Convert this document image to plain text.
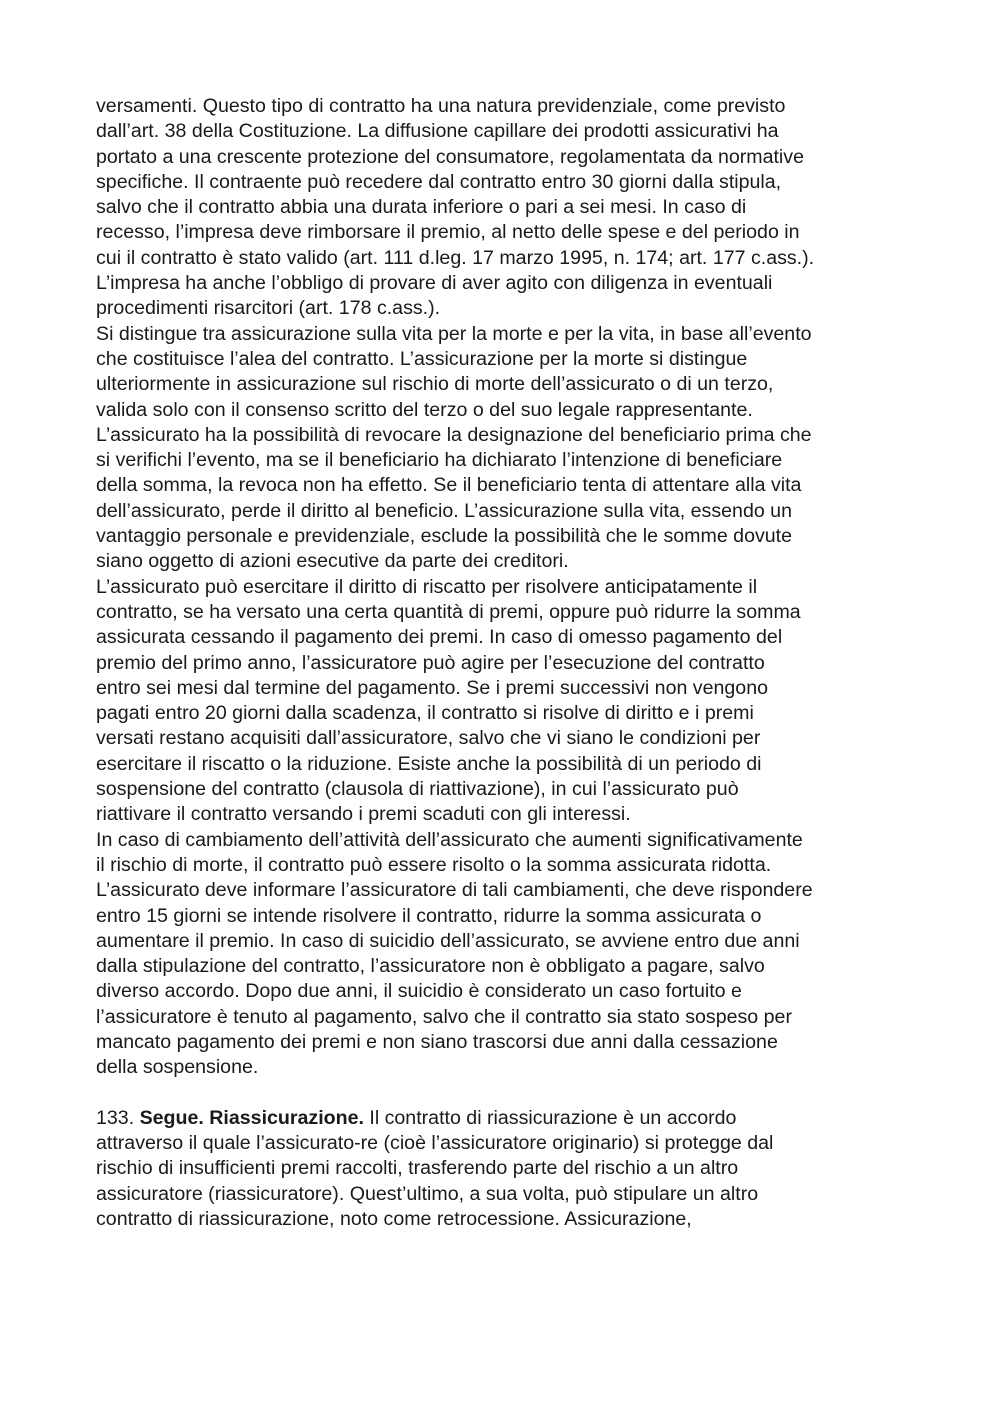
versamenti. Questo tipo di contratto ha una natura previdenziale, come previsto
dall’art. 38 della Costituzione. La diffusione capillare dei prodotti assicurativi ha
portato a una crescente protezione del consumatore, regolamentata da normative
specifiche. Il contraente può recedere dal contratto entro 30 giorni dalla stipula,
salvo che il contratto abbia una durata inferiore o pari a sei mesi. In caso di
recesso, l’impresa deve rimborsare il premio, al netto delle spese e del periodo in
cui il contratto è stato valido (art. 111 d.leg. 17 marzo 1995, n. 174; art. 177 c.ass.).
L’impresa ha anche l’obbligo di provare di aver agito con diligenza in eventuali
procedimenti risarcitori (art. 178 c.ass.).
Si distingue tra assicurazione sulla vita per la morte e per la vita, in base all’evento
che costituisce l’alea del contratto. L’assicurazione per la morte si distingue
ulteriormente in assicurazione sul rischio di morte dell’assicurato o di un terzo,
valida solo con il consenso scritto del terzo o del suo legale rappresentante.
L’assicurato ha la possibilità di revocare la designazione del beneficiario prima che
si verifichi l’evento, ma se il beneficiario ha dichiarato l’intenzione di beneficiare
della somma, la revoca non ha effetto. Se il beneficiario tenta di attentare alla vita
dell’assicurato, perde il diritto al beneficio. L’assicurazione sulla vita, essendo un
vantaggio personale e previdenziale, esclude la possibilità che le somme dovute
siano oggetto di azioni esecutive da parte dei creditori.
L’assicurato può esercitare il diritto di riscatto per risolvere anticipatamente il
contratto, se ha versato una certa quantità di premi, oppure può ridurre la somma
assicurata cessando il pagamento dei premi. In caso di omesso pagamento del
premio del primo anno, l’assicuratore può agire per l’esecuzione del contratto
entro sei mesi dal termine del pagamento. Se i premi successivi non vengono
pagati entro 20 giorni dalla scadenza, il contratto si risolve di diritto e i premi
versati restano acquisiti dall’assicuratore, salvo che vi siano le condizioni per
esercitare il riscatto o la riduzione. Esiste anche la possibilità di un periodo di
sospensione del contratto (clausola di riattivazione), in cui l’assicurato può
riattivare il contratto versando i premi scaduti con gli interessi.
In caso di cambiamento dell’attività dell’assicurato che aumenti significativamente
il rischio di morte, il contratto può essere risolto o la somma assicurata ridotta.
L’assicurato deve informare l’assicuratore di tali cambiamenti, che deve rispondere
entro 15 giorni se intende risolvere il contratto, ridurre la somma assicurata o
aumentare il premio. In caso di suicidio dell’assicurato, se avviene entro due anni
dalla stipulazione del contratto, l’assicuratore non è obbligato a pagare, salvo
diverso accordo. Dopo due anni, il suicidio è considerato un caso fortuito e
l’assicuratore è tenuto al pagamento, salvo che il contratto sia stato sospeso per
mancato pagamento dei premi e non siano trascorsi due anni dalla cessazione
della sospensione.
133. Segue. Riassicurazione. Il contratto di riassicurazione è un accordo
attraverso il quale l’assicurato-re (cioè l’assicuratore originario) si protegge dal
rischio di insufficienti premi raccolti, trasferendo parte del rischio a un altro
assicuratore (riassicuratore). Quest’ultimo, a sua volta, può stipulare un altro
contratto di riassicurazione, noto come retrocessione. Assicurazione,
